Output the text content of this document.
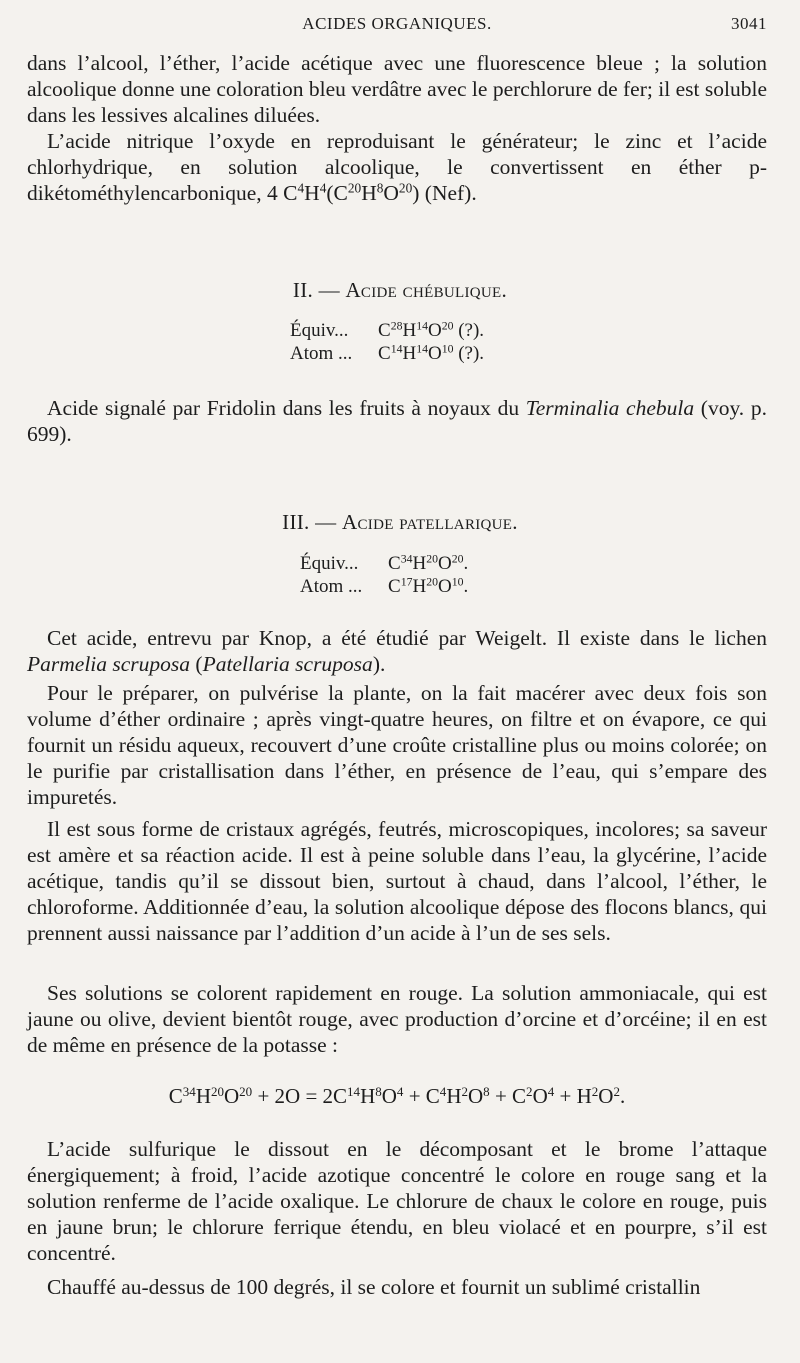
ACIDES ORGANIQUES.	3041

dans l’alcool, l’éther, l’acide acétique avec une fluorescence bleue ; la solution alcoolique donne une coloration bleu verdâtre avec le perchlorure de fer; il est soluble dans les lessives alcalines diluées.

L’acide nitrique l’oxyde en reproduisant le générateur; le zinc et l’acide chlorhydrique, en solution alcoolique, le convertissent en éther p-dikétométhylencarbonique, 4 $C^4H^4(C^{20}H^8O^{20})$ (Nef).

II. — Acide chébulique.
Équiv... $C^{28}H^{14}O^{20}$ (?).
Atom ... $C^{14}H^{14}O^{10}$ (?).

Acide signalé par Fridolin dans les fruits à noyaux du Terminalia chebula (voy. p. 699).

III. — Acide patellarique.
Équiv... $C^{34}H^{20}O^{20}$.
Atom ... $C^{17}H^{20}O^{10}$.

Cet acide, entrevu par Knop, a été étudié par Weigelt. Il existe dans le lichen Parmelia scruposa (Patellaria scruposa).

Pour le préparer, on pulvérise la plante, on la fait macérer avec deux fois son volume d’éther ordinaire ; après vingt-quatre heures, on filtre et on évapore, ce qui fournit un résidu aqueux, recouvert d’une croûte cristalline plus ou moins colorée; on le purifie par cristallisation dans l’éther, en présence de l’eau, qui s’empare des impuretés.

Il est sous forme de cristaux agrégés, feutrés, microscopiques, incolores; sa saveur est amère et sa réaction acide. Il est à peine soluble dans l’eau, la glycérine, l’acide acétique, tandis qu’il se dissout bien, surtout à chaud, dans l’alcool, l’éther, le chloroforme. Additionnée d’eau, la solution alcoolique dépose des flocons blancs, qui prennent aussi naissance par l’addition d’un acide à l’un de ses sels.

Ses solutions se colorent rapidement en rouge. La solution ammoniacale, qui est jaune ou olive, devient bientôt rouge, avec production d’orcine et d’orcéine; il en est de même en présence de la potasse :

$C^{34}H^{20}O^{20} + 2O = 2C^{14}H^8O^4 + C^4H^2O^8 + C^2O^4 + H^2O^2$.

L’acide sulfurique le dissout en le décomposant et le brome l’attaque énergiquement; à froid, l’acide azotique concentré le colore en rouge sang et la solution renferme de l’acide oxalique. Le chlorure de chaux le colore en rouge, puis en jaune brun; le chlorure ferrique étendu, en bleu violacé et en pourpre, s’il est concentré.

Chauffé au-dessus de 100 degrés, il se colore et fournit un sublimé cristallin
